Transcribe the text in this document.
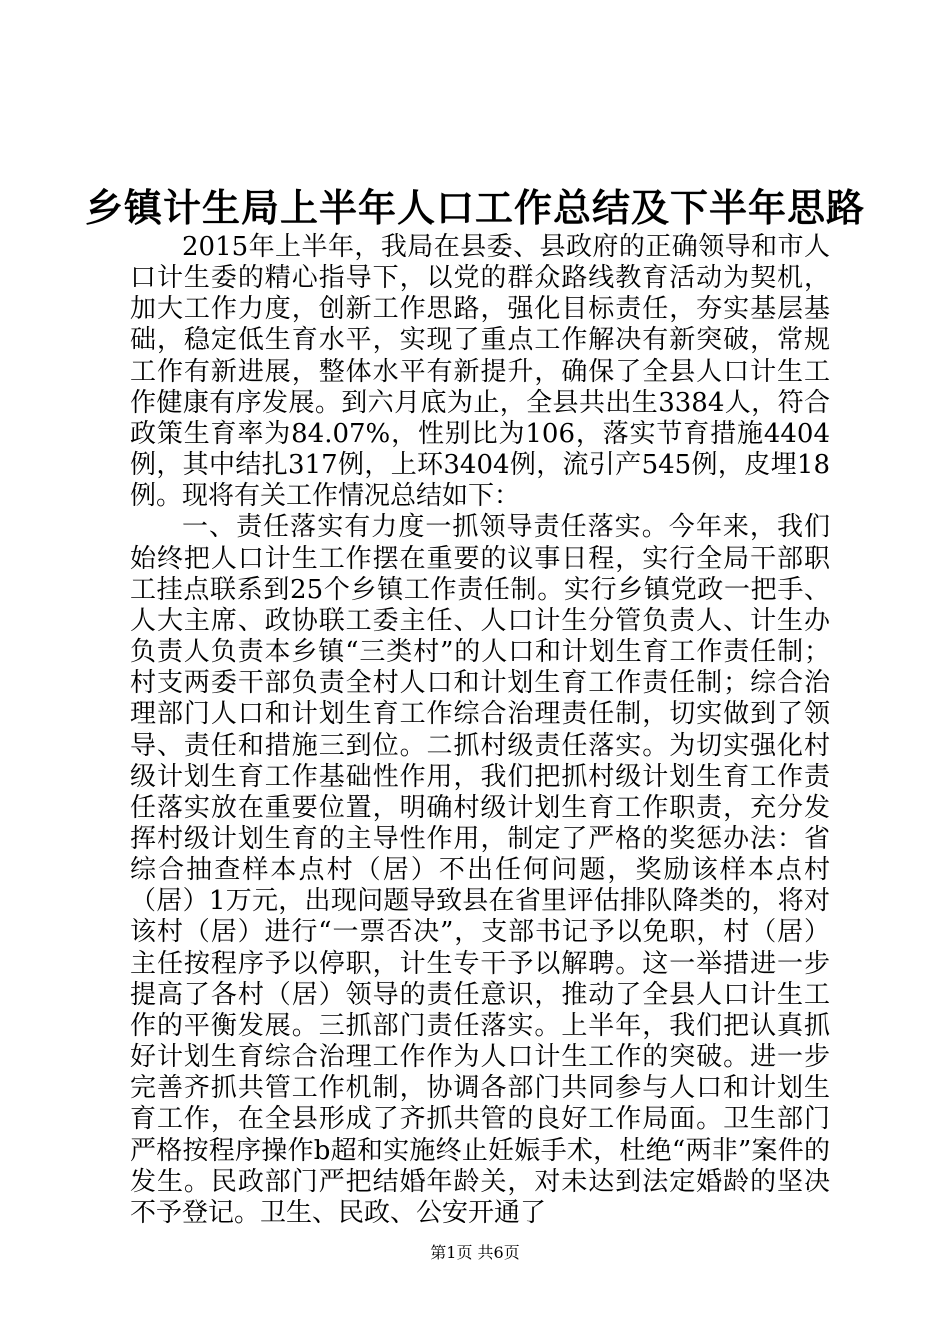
乡镇计生局上半年人口工作总结及下半年思路

2015年上半年，我局在县委、县政府的正确领导和市人口计生委的精心指导下，以党的群众路线教育活动为契机，加大工作力度，创新工作思路，强化目标责任，夯实基层基础，稳定低生育水平，实现了重点工作解决有新突破，常规工作有新进展，整体水平有新提升，确保了全县人口计生工作健康有序发展。到六月底为止，全县共出生3384人，符合政策生育率为84.07%，性别比为106，落实节育措施4404例，其中结扎317例，上环3404例，流引产545例，皮埋18例。现将有关工作情况总结如下：

一、责任落实有力度一抓领导责任落实。今年来，我们始终把人口计生工作摆在重要的议事日程，实行全局干部职工挂点联系到25个乡镇工作责任制。实行乡镇党政一把手、人大主席、政协联工委主任、人口计生分管负责人、计生办负责人负责本乡镇“三类村”的人口和计划生育工作责任制；村支两委干部负责全村人口和计划生育工作责任制；综合治理部门人口和计划生育工作综合治理责任制，切实做到了领导、责任和措施三到位。二抓村级责任落实。为切实强化村级计划生育工作基础性作用，我们把抓村级计划生育工作责任落实放在重要位置，明确村级计划生育工作职责，充分发挥村级计划生育的主导性作用，制定了严格的奖惩办法：省综合抽查样本点村（居）不出任何问题，奖励该样本点村（居）1万元，出现问题导致县在省里评估排队降类的，将对该村（居）进行“一票否决”，支部书记予以免职，村（居）主任按程序予以停职，计生专干予以解聘。这一举措进一步提高了各村（居）领导的责任意识，推动了全县人口计生工作的平衡发展。三抓部门责任落实。上半年，我们把认真抓好计划生育综合治理工作作为人口计生工作的突破。进一步完善齐抓共管工作机制，协调各部门共同参与人口和计划生育工作，在全县形成了齐抓共管的良好工作局面。卫生部门严格按程序操作b超和实施终止妊娠手术，杜绝“两非”案件的发生。民政部门严把结婚年龄关，对未达到法定婚龄的坚决不予登记。卫生、民政、公安开通了

第1页 共6页
